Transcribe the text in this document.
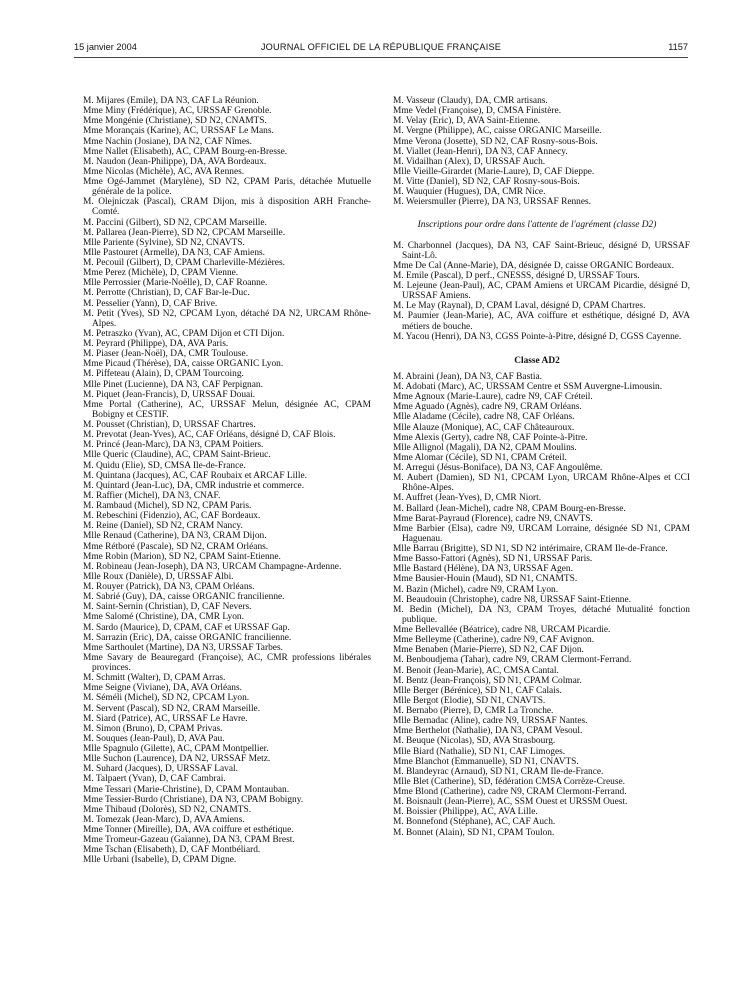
15 janvier 2004	JOURNAL OFFICIEL DE LA RÉPUBLIQUE FRANÇAISE	1157
M. Mijares (Emile), DA N3, CAF La Réunion.
Mme Miny (Frédérique), AC, URSSAF Grenoble.
Mme Mongénie (Christiane), SD N2, CNAMTS.
Mme Morançais (Karine), AC, URSSAF Le Mans.
Mme Nachin (Josiane), DA N2, CAF Nîmes.
Mme Nallet (Elisabeth), AC, CPAM Bourg-en-Bresse.
M. Naudon (Jean-Philippe), DA, AVA Bordeaux.
Mme Nicolas (Michèle), AC, AVA Rennes.
Mme Ogé-Jammet (Marylène), SD N2, CPAM Paris, détachée Mutuelle générale de la police.
M. Olejniczak (Pascal), CRAM Dijon, mis à disposition ARH Franche-Comté.
M. Paccini (Gilbert), SD N2, CPCAM Marseille.
M. Pallarea (Jean-Pierre), SD N2, CPCAM Marseille.
Mlle Pariente (Sylvine), SD N2, CNAVTS.
Mlle Pastouret (Armelle), DA N3, CAF Amiens.
M. Pecouil (Gilbert), D, CPAM Charleville-Mézières.
Mme Perez (Michèle), D, CPAM Vienne.
Mlle Perrossier (Marie-Noëlle), D, CAF Roanne.
M. Perrotte (Christian), D, CAF Bar-le-Duc.
M. Pesselier (Yann), D, CAF Brive.
M. Petit (Yves), SD N2, CPCAM Lyon, détaché DA N2, URCAM Rhône-Alpes.
M. Petraszko (Yvan), AC, CPAM Dijon et CTI Dijon.
M. Peyrard (Philippe), DA, AVA Paris.
M. Piaser (Jean-Noël), DA, CMR Toulouse.
Mme Picaud (Thérèse), DA, caisse ORGANIC Lyon.
M. Piffeteau (Alain), D, CPAM Tourcoing.
Mlle Pinet (Lucienne), DA N3, CAF Perpignan.
M. Piquet (Jean-Francis), D, URSSAF Douai.
Mme Portal (Catherine), AC, URSSAF Melun, désignée AC, CPAM Bobigny et CESTIF.
M. Pousset (Christian), D, URSSAF Chartres.
M. Prevotat (Jean-Yves), AC, CAF Orléans, désigné D, CAF Blois.
M. Princé (Jean-Marc), DA N3, CPAM Poitiers.
Mlle Queric (Claudine), AC, CPAM Saint-Brieuc.
M. Quidu (Elie), SD, CMSA Ile-de-France.
M. Quintana (Jacques), AC, CAF Roubaix et ARCAF Lille.
M. Quintard (Jean-Luc), DA, CMR industrie et commerce.
M. Raffier (Michel), DA N3, CNAF.
M. Rambaud (Michel), SD N2, CPAM Paris.
M. Rebeschini (Fidenzio), AC, CAF Bordeaux.
M. Reine (Daniel), SD N2, CRAM Nancy.
Mlle Renaud (Catherine), DA N3, CRAM Dijon.
Mme Rétboré (Pascale), SD N2, CRAM Orléans.
Mme Robin (Marion), SD N2, CPAM Saint-Etienne.
M. Robineau (Jean-Joseph), DA N3, URCAM Champagne-Ardenne.
Mlle Roux (Danièle), D, URSSAF Albi.
M. Rouyer (Patrick), DA N3, CPAM Orléans.
M. Sabrié (Guy), DA, caisse ORGANIC francilienne.
M. Saint-Sernin (Christian), D, CAF Nevers.
Mme Salomé (Christine), DA, CMR Lyon.
M. Sardo (Maurice), D, CPAM, CAF et URSSAF Gap.
M. Sarrazin (Eric), DA, caisse ORGANIC francilienne.
Mme Sarthoulet (Martine), DA N3, URSSAF Tarbes.
Mme Savary de Beauregard (Françoise), AC, CMR professions libérales provinces.
M. Schmitt (Walter), D, CPAM Arras.
Mme Seigne (Viviane), DA, AVA Orléans.
M. Séméli (Michel), SD N2, CPCAM Lyon.
M. Servent (Pascal), SD N2, CRAM Marseille.
M. Siard (Patrice), AC, URSSAF Le Havre.
M. Simon (Bruno), D, CPAM Privas.
M. Souques (Jean-Paul), D, AVA Pau.
Mlle Spagnulo (Gilette), AC, CPAM Montpellier.
Mlle Suchon (Laurence), DA N2, URSSAF Metz.
M. Suhard (Jacques), D, URSSAF Laval.
M. Talpaert (Yvan), D, CAF Cambrai.
Mme Tessari (Marie-Christine), D, CPAM Montauban.
Mme Tessier-Burdo (Christiane), DA N3, CPAM Bobigny.
Mme Thibaud (Dolorès), SD N2, CNAMTS.
M. Tomezak (Jean-Marc), D, AVA Amiens.
Mme Tonner (Mireille), DA, AVA coiffure et esthétique.
Mme Tromeur-Gazeau (Gaïanne), DA N3, CPAM Brest.
Mme Tschan (Elisabeth), D, CAF Montbéliard.
Mlle Urbani (Isabelle), D, CPAM Digne.
M. Vasseur (Claudy), DA, CMR artisans.
Mme Vedel (Françoise), D, CMSA Finistère.
M. Velay (Eric), D, AVA Saint-Etienne.
M. Vergne (Philippe), AC, caisse ORGANIC Marseille.
Mme Verona (Josette), SD N2, CAF Rosny-sous-Bois.
M. Viallet (Jean-Henri), DA N3, CAF Annecy.
M. Vidailhan (Alex), D, URSSAF Auch.
Mlle Vieille-Girardet (Marie-Laure), D, CAF Dieppe.
M. Vitte (Daniel), SD N2, CAF Rosny-sous-Bois.
M. Wauquier (Hugues), DA, CMR Nice.
M. Weiersmuller (Pierre), DA N3, URSSAF Rennes.
Inscriptions pour ordre dans l'attente de l'agrément (classe D2)
M. Charbonnel (Jacques), DA N3, CAF Saint-Brieuc, désigné D, URSSAF Saint-Lô.
Mme De Cal (Anne-Marie), DA, désignée D, caisse ORGANIC Bordeaux.
M. Emile (Pascal), D perf., CNESSS, désigné D, URSSAF Tours.
M. Lejeune (Jean-Paul), AC, CPAM Amiens et URCAM Picardie, désigné D, URSSAF Amiens.
M. Le May (Raynal), D, CPAM Laval, désigné D, CPAM Chartres.
M. Paumier (Jean-Marie), AC, AVA coiffure et esthétique, désigné D, AVA métiers de bouche.
M. Yacou (Henri), DA N3, CGSS Pointe-à-Pitre, désigné D, CGSS Cayenne.
Classe AD2
M. Abraini (Jean), DA N3, CAF Bastia.
M. Adobati (Marc), AC, URSSAM Centre et SSM Auvergne-Limousin.
Mme Agnoux (Marie-Laure), cadre N9, CAF Créteil.
Mme Aguado (Agnès), cadre N9, CRAM Orléans.
Mlle Aladame (Cécile), cadre N8, CAF Orléans.
Mlle Alauze (Monique), AC, CAF Châteauroux.
Mme Alexis (Gerty), cadre N8, CAF Pointe-à-Pitre.
Mlle Allignol (Magali), DA N2, CPAM Moulins.
Mme Alomar (Cécile), SD N1, CPAM Créteil.
M. Arregui (Jésus-Boniface), DA N3, CAF Angoulême.
M. Aubert (Damien), SD N1, CPCAM Lyon, URCAM Rhône-Alpes et CCI Rhône-Alpes.
M. Auffret (Jean-Yves), D, CMR Niort.
M. Ballard (Jean-Michel), cadre N8, CPAM Bourg-en-Bresse.
Mme Barat-Payraud (Florence), cadre N9, CNAVTS.
Mme Barbier (Elsa), cadre N9, URCAM Lorraine, désignée SD N1, CPAM Haguenau.
Mlle Barrau (Brigitte), SD N1, SD N2 intérimaire, CRAM Ile-de-France.
Mme Basso-Fattori (Agnès), SD N1, URSSAF Paris.
Mlle Bastard (Hélène), DA N3, URSSAF Agen.
Mme Bausier-Houin (Maud), SD N1, CNAMTS.
M. Bazin (Michel), cadre N9, CRAM Lyon.
M. Beaudouin (Christophe), cadre N8, URSSAF Saint-Etienne.
M. Bedin (Michel), DA N3, CPAM Troyes, détaché Mutualité fonction publique.
Mme Bellevallée (Béatrice), cadre N8, URCAM Picardie.
Mme Belleyme (Catherine), cadre N9, CAF Avignon.
Mme Benaben (Marie-Pierre), SD N2, CAF Dijon.
M. Benboudjema (Tahar), cadre N9, CRAM Clermont-Ferrand.
M. Benoit (Jean-Marie), AC, CMSA Cantal.
M. Bentz (Jean-François), SD N1, CPAM Colmar.
Mlle Berger (Bérénice), SD N1, CAF Calais.
Mlle Bergot (Elodie), SD N1, CNAVTS.
M. Bernabo (Pierre), D, CMR La Tronche.
Mlle Bernadac (Aline), cadre N9, URSSAF Nantes.
Mme Berthelot (Nathalie), DA N3, CPAM Vesoul.
M. Beuque (Nicolas), SD, AVA Strasbourg.
Mlle Biard (Nathalie), SD N1, CAF Limoges.
Mme Blanchot (Emmanuelle), SD N1, CNAVTS.
M. Blandeyrac (Arnaud), SD N1, CRAM Ile-de-France.
Mlle Blet (Catherine), SD, fédération CMSA Corrèze-Creuse.
Mme Blond (Catherine), cadre N9, CRAM Clermont-Ferrand.
M. Boisnault (Jean-Pierre), AC, SSM Ouest et URSSM Ouest.
M. Boissier (Philippe), AC, AVA Lille.
M. Bonnefond (Stéphane), AC, CAF Auch.
M. Bonnet (Alain), SD N1, CPAM Toulon.
